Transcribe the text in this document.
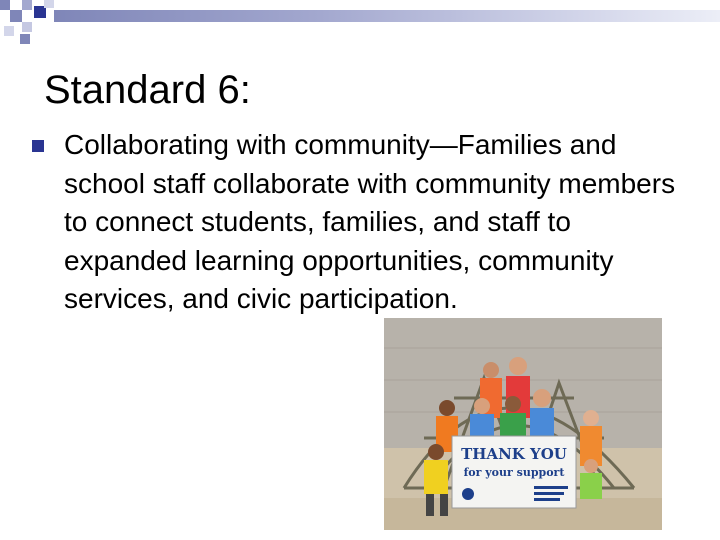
Standard 6:

Collaborating with community—Families and school staff collaborate with community members to connect students, families, and staff to expanded learning opportunities, community services, and civic participation.

THANK YOU
for your support
